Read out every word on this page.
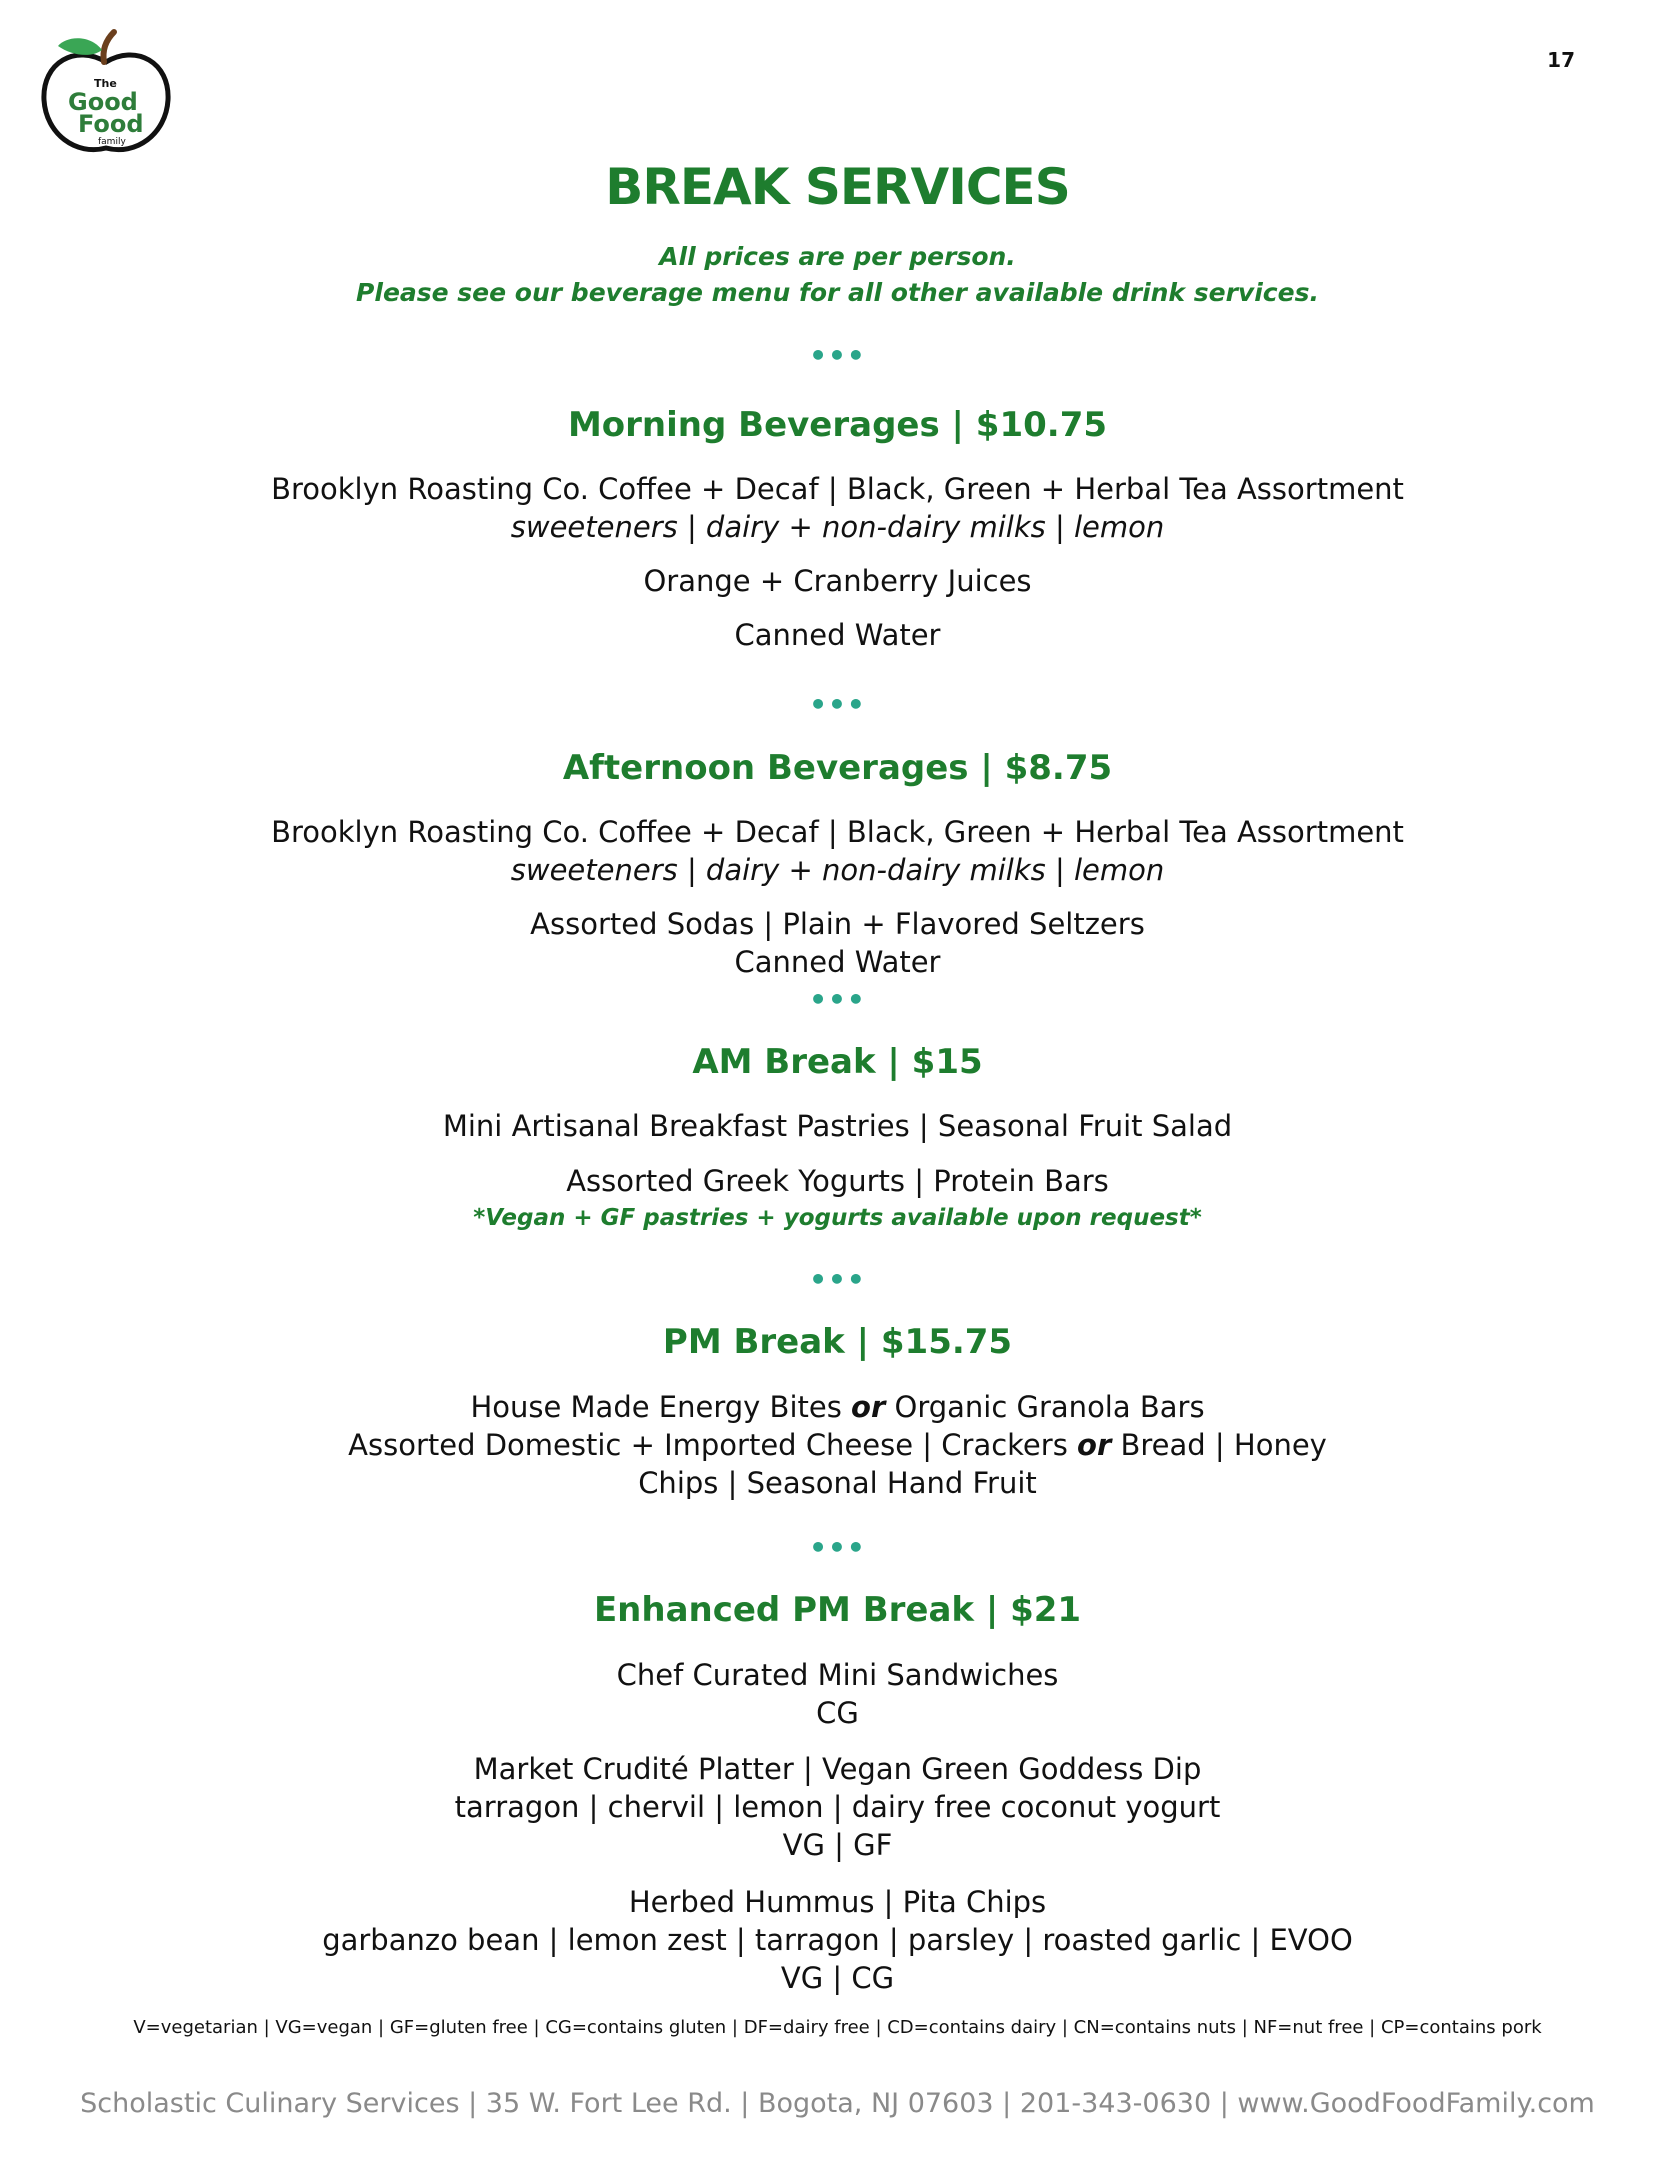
The
Good
Food
family
17
BREAK SERVICES
All prices are per person.
Please see our beverage menu for all other available drink services.
•••
Morning Beverages | $10.75
Brooklyn Roasting Co. Coffee + Decaf | Black, Green + Herbal Tea Assortment
sweeteners | dairy + non-dairy milks | lemon
Orange + Cranberry Juices
Canned Water
•••
Afternoon Beverages | $8.75
Brooklyn Roasting Co. Coffee + Decaf | Black, Green + Herbal Tea Assortment
sweeteners | dairy + non-dairy milks | lemon
Assorted Sodas | Plain + Flavored Seltzers
Canned Water
•••
AM Break | $15
Mini Artisanal Breakfast Pastries | Seasonal Fruit Salad
Assorted Greek Yogurts | Protein Bars
*Vegan + GF pastries + yogurts available upon request*
•••
PM Break | $15.75
House Made Energy Bites or Organic Granola Bars
Assorted Domestic + Imported Cheese | Crackers or Bread | Honey
Chips | Seasonal Hand Fruit
•••
Enhanced PM Break | $21
Chef Curated Mini Sandwiches
CG
Market Crudité Platter | Vegan Green Goddess Dip
tarragon | chervil | lemon | dairy free coconut yogurt
VG | GF
Herbed Hummus | Pita Chips
garbanzo bean | lemon zest | tarragon | parsley | roasted garlic | EVOO
VG | CG
V=vegetarian | VG=vegan | GF=gluten free | CG=contains gluten | DF=dairy free | CD=contains dairy | CN=contains nuts | NF=nut free | CP=contains pork
Scholastic Culinary Services | 35 W. Fort Lee Rd. | Bogota, NJ 07603 | 201-343-0630 | www.GoodFoodFamily.com
